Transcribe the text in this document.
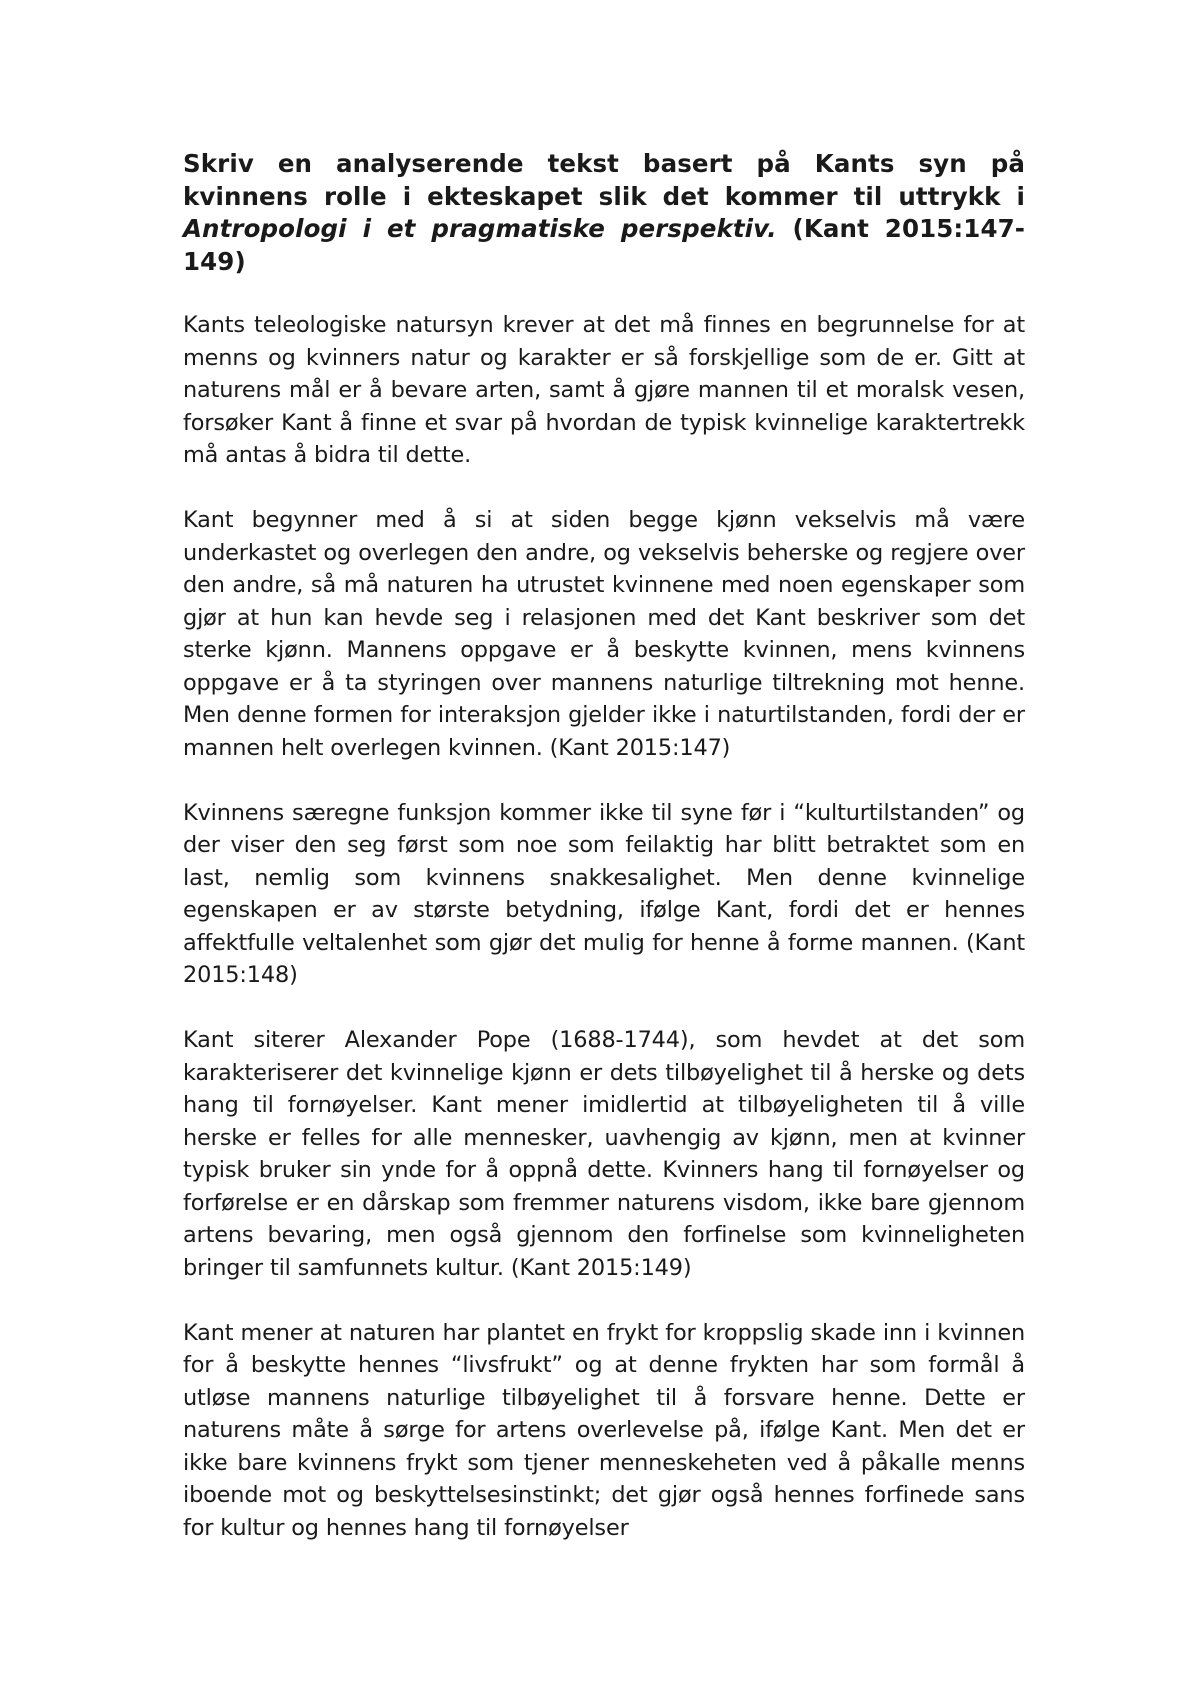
Skriv en analyserende tekst basert på Kants syn på kvinnens rolle i ekteskapet slik det kommer til uttrykk i Antropologi i et pragmatiske perspektiv. (Kant 2015:147-149)

Kants teleologiske natursyn krever at det må finnes en begrunnelse for at menns og kvinners natur og karakter er så forskjellige som de er. Gitt at naturens mål er å bevare arten, samt å gjøre mannen til et moralsk vesen, forsøker Kant å finne et svar på hvordan de typisk kvinnelige karaktertrekk må antas å bidra til dette.

Kant begynner med å si at siden begge kjønn vekselvis må være underkastet og overlegen den andre, og vekselvis beherske og regjere over den andre, så må naturen ha utrustet kvinnene med noen egenskaper som gjør at hun kan hevde seg i relasjonen med det Kant beskriver som det sterke kjønn. Mannens oppgave er å beskytte kvinnen, mens kvinnens oppgave er å ta styringen over mannens naturlige tiltrekning mot henne. Men denne formen for interaksjon gjelder ikke i naturtilstanden, fordi der er mannen helt overlegen kvinnen. (Kant 2015:147)

Kvinnens særegne funksjon kommer ikke til syne før i “kulturtilstanden” og der viser den seg først som noe som feilaktig har blitt betraktet som en last, nemlig som kvinnens snakkesalighet. Men denne kvinnelige egenskapen er av største betydning, ifølge Kant, fordi det er hennes affektfulle veltalenhet som gjør det mulig for henne å forme mannen. (Kant 2015:148)

Kant siterer Alexander Pope (1688-1744), som hevdet at det som karakteriserer det kvinnelige kjønn er dets tilbøyelighet til å herske og dets hang til fornøyelser. Kant mener imidlertid at tilbøyeligheten til å ville herske er felles for alle mennesker, uavhengig av kjønn, men at kvinner typisk bruker sin ynde for å oppnå dette. Kvinners hang til fornøyelser og forførelse er en dårskap som fremmer naturens visdom, ikke bare gjennom artens bevaring, men også gjennom den forfinelse som kvinneligheten bringer til samfunnets kultur. (Kant 2015:149)

Kant mener at naturen har plantet en frykt for kroppslig skade inn i kvinnen for å beskytte hennes “livsfrukt” og at denne frykten har som formål å utløse mannens naturlige tilbøyelighet til å forsvare henne. Dette er naturens måte å sørge for artens overlevelse på, ifølge Kant. Men det er ikke bare kvinnens frykt som tjener menneskeheten ved å påkalle menns iboende mot og beskyttelsesinstinkt; det gjør også hennes forfinede sans for kultur og hennes hang til fornøyelser
